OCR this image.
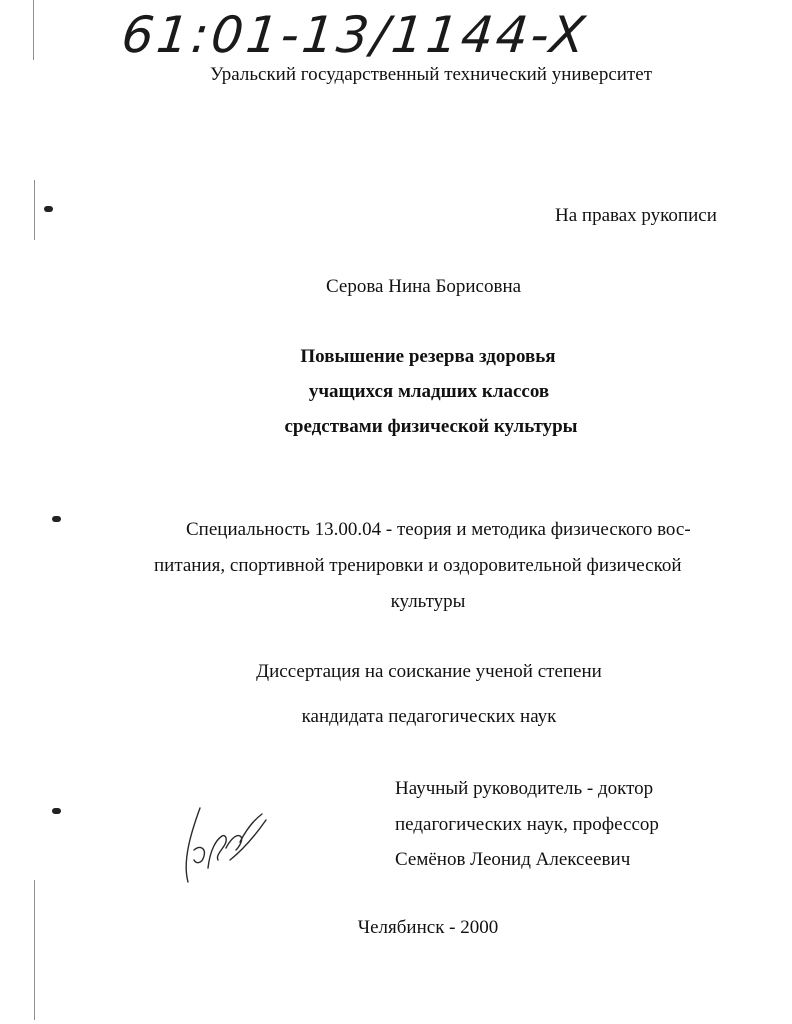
61:01-13/1144-X
Уральский государственный технический университет
На правах рукописи
Серова Нина Борисовна
Повышение резерва здоровья
учащихся младших классов
средствами физической культуры
Специальность 13.00.04 - теория и методика физического вос-
питания, спортивной тренировки и оздоровительной физической
культуры
Диссертация на соискание ученой степени
кандидата педагогических наук
Научный руководитель - доктор
педагогических наук, профессор
Семёнов Леонид Алексеевич
Челябинск - 2000
